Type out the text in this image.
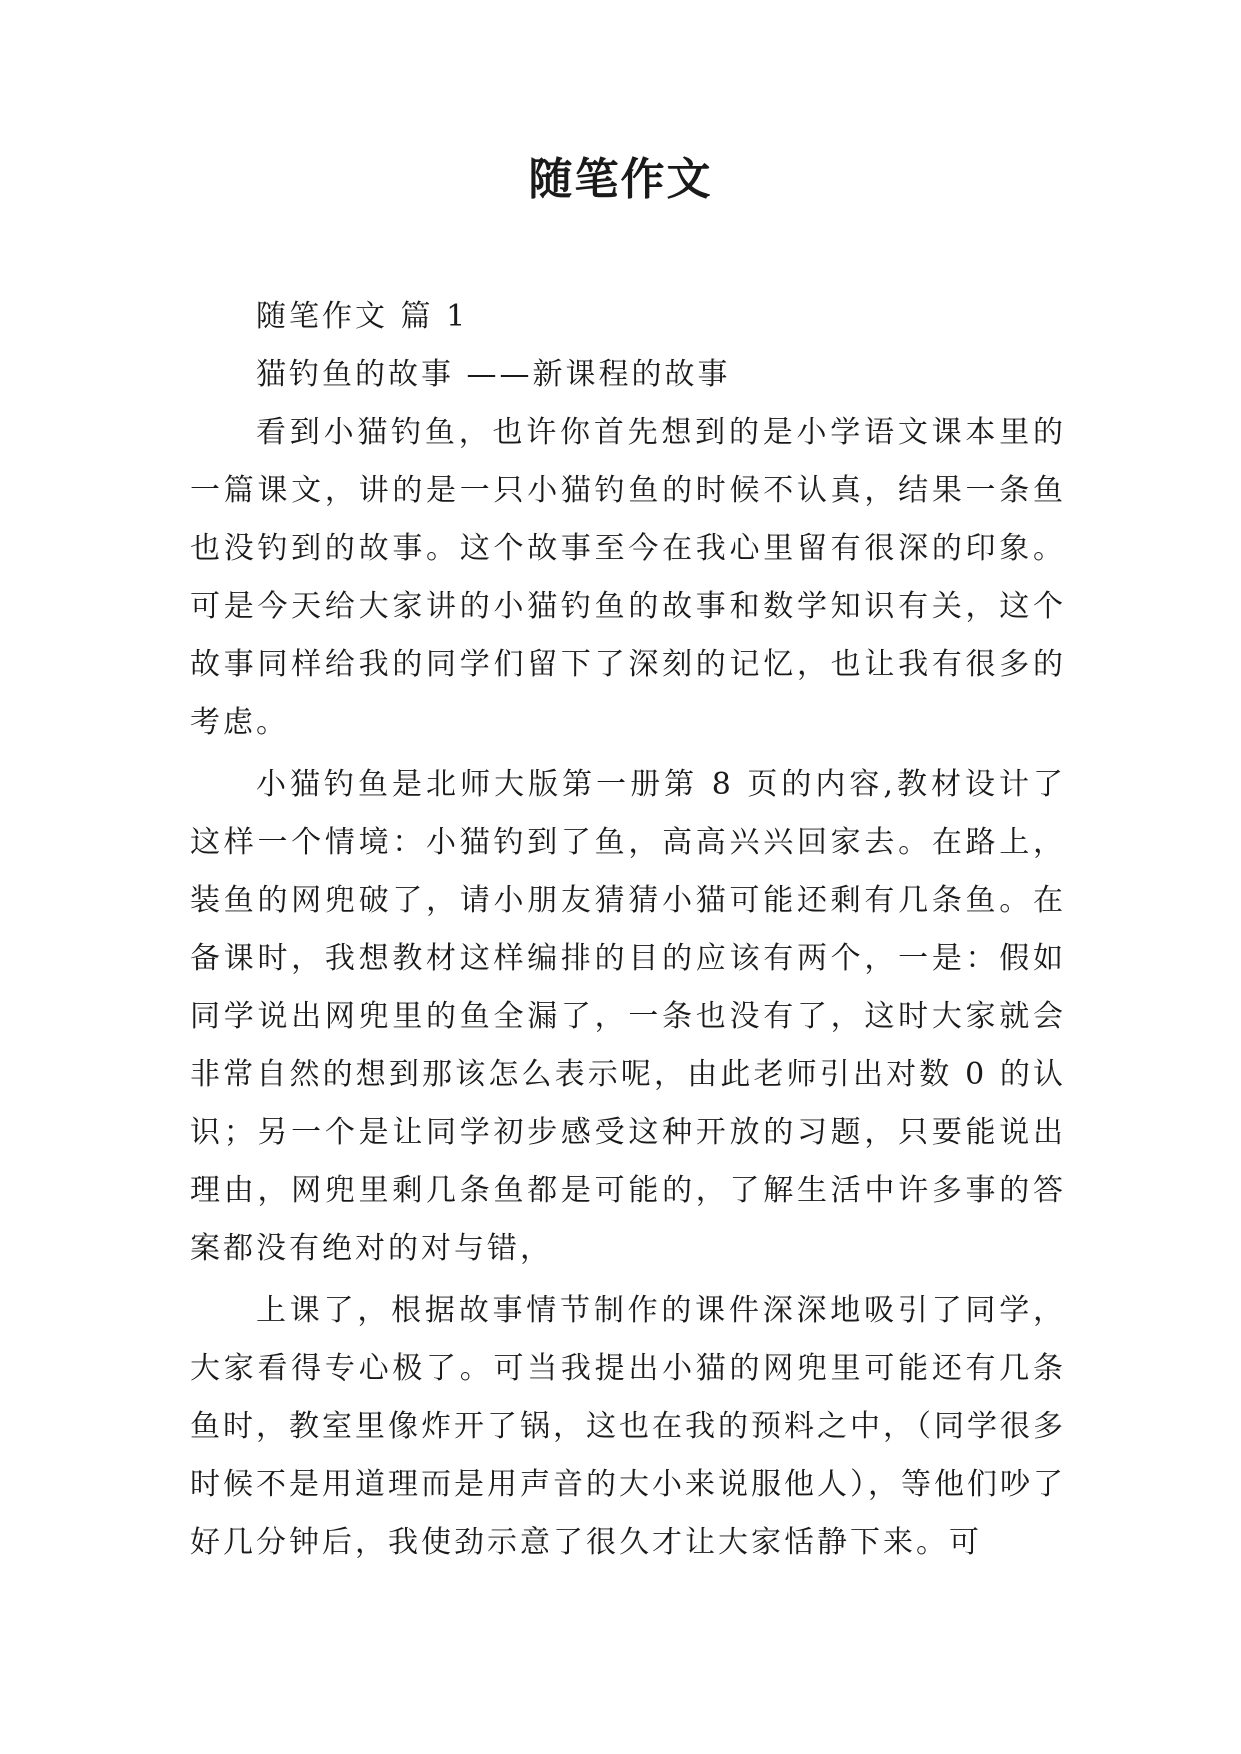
随笔作文

随笔作文 篇 1

猫钓鱼的故事 ——新课程的故事

看到小猫钓鱼，也许你首先想到的是小学语文课本里的一篇课文，讲的是一只小猫钓鱼的时候不认真，结果一条鱼也没钓到的故事。这个故事至今在我心里留有很深的印象。可是今天给大家讲的小猫钓鱼的故事和数学知识有关，这个故事同样给我的同学们留下了深刻的记忆，也让我有很多的考虑。

小猫钓鱼是北师大版第一册第 8 页的内容,教材设计了这样一个情境：小猫钓到了鱼，高高兴兴回家去。在路上，装鱼的网兜破了，请小朋友猜猜小猫可能还剩有几条鱼。在备课时，我想教材这样编排的目的应该有两个，一是：假如同学说出网兜里的鱼全漏了，一条也没有了，这时大家就会非常自然的想到那该怎么表示呢，由此老师引出对数 0 的认识；另一个是让同学初步感受这种开放的习题，只要能说出理由，网兜里剩几条鱼都是可能的，了解生活中许多事的答案都没有绝对的对与错，

上课了，根据故事情节制作的课件深深地吸引了同学，大家看得专心极了。可当我提出小猫的网兜里可能还有几条鱼时，教室里像炸开了锅，这也在我的预料之中，（同学很多时候不是用道理而是用声音的大小来说服他人），等他们吵了好几分钟后，我使劲示意了很久才让大家恬静下来。可
